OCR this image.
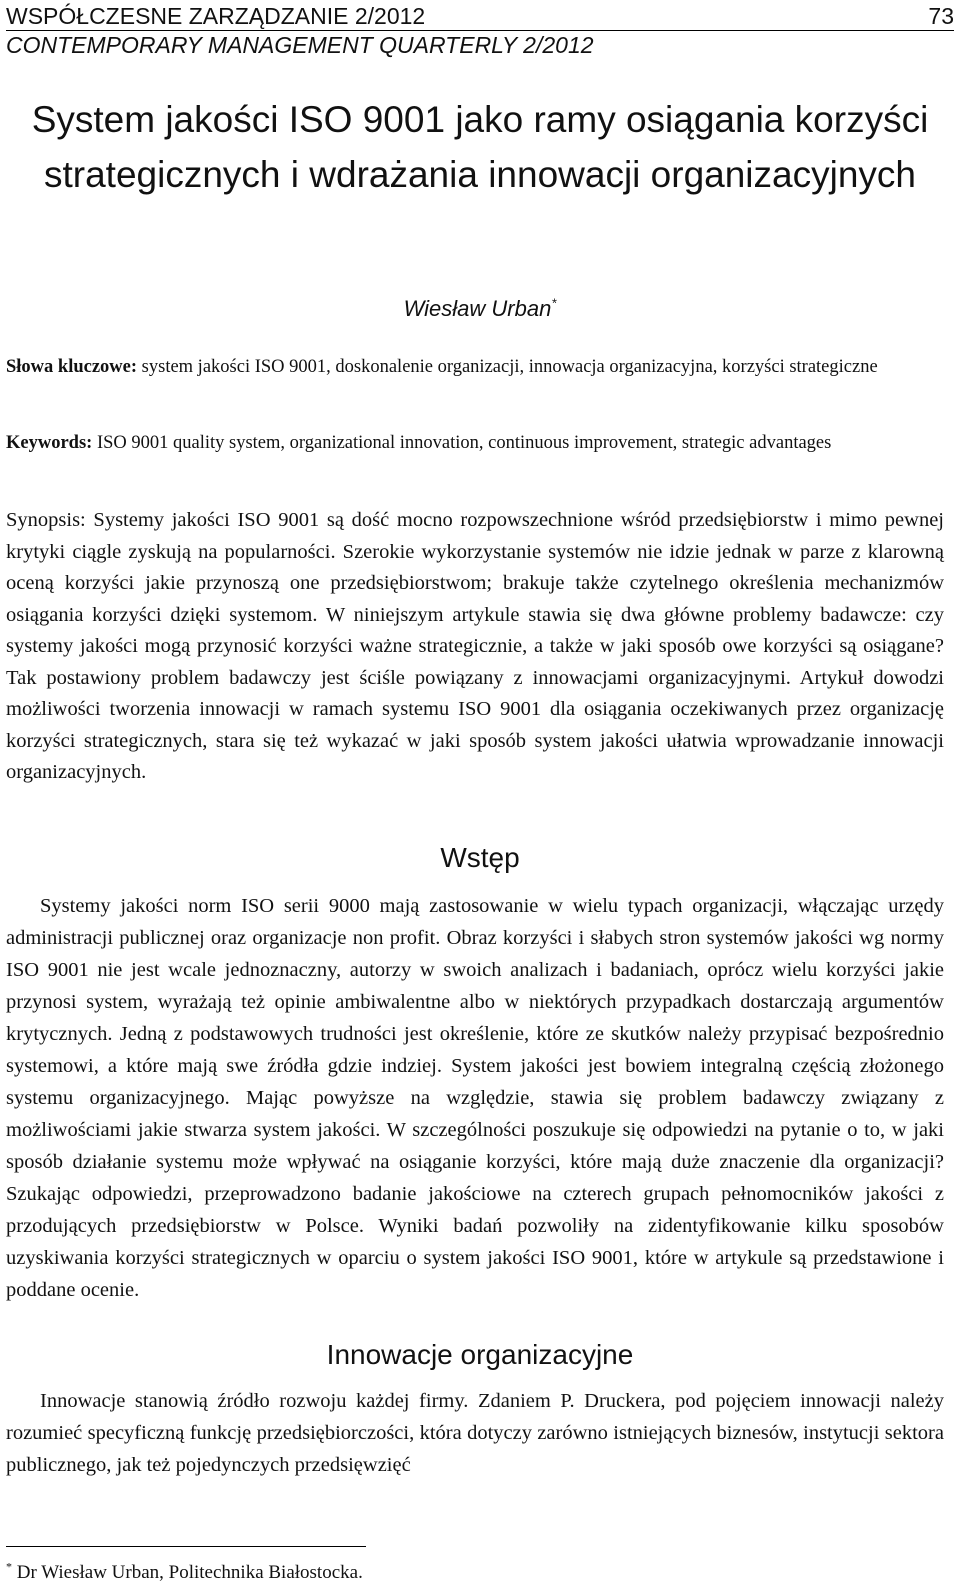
WSPÓŁCZESNE ZARZĄDZANIE 2/2012	73
CONTEMPORARY MANAGEMENT QUARTERLY 2/2012
System jakości ISO 9001 jako ramy osiągania korzyści strategicznych i wdrażania innowacji organizacyjnych
Wiesław Urban*
Słowa kluczowe: system jakości ISO 9001, doskonalenie organizacji, innowacja organizacyjna, korzyści strategiczne
Keywords: ISO 9001 quality system, organizational innovation, continuous improvement, strategic advantages
Synopsis: Systemy jakości ISO 9001 są dość mocno rozpowszechnione wśród przedsiębiorstw i mimo pewnej krytyki ciągle zyskują na popularności. Szerokie wykorzystanie systemów nie idzie jednak w parze z klarowną oceną korzyści jakie przynoszą one przedsiębiorstwom; brakuje także czytelnego określenia mechanizmów osiągania korzyści dzięki systemom. W niniejszym artykule stawia się dwa główne problemy badawcze: czy systemy jakości mogą przynosić korzyści ważne strategicznie, a także w jaki sposób owe korzyści są osiągane? Tak postawiony problem badawczy jest ściśle powiązany z innowacjami organizacyjnymi. Artykuł dowodzi możliwości tworzenia innowacji w ramach systemu ISO 9001 dla osiągania oczekiwanych przez organizację korzyści strategicznych, stara się też wykazać w jaki sposób system jakości ułatwia wprowadzanie innowacji organizacyjnych.
Wstęp
Systemy jakości norm ISO serii 9000 mają zastosowanie w wielu typach organizacji, włączając urzędy administracji publicznej oraz organizacje non profit. Obraz korzyści i słabych stron systemów jakości wg normy ISO 9001 nie jest wcale jednoznaczny, autorzy w swoich analizach i badaniach, oprócz wielu korzyści jakie przynosi system, wyrażają też opinie ambiwalentne albo w niektórych przypadkach dostarczają argumentów krytycznych. Jedną z podstawowych trudności jest określenie, które ze skutków należy przypisać bezpośrednio systemowi, a które mają swe źródła gdzie indziej. System jakości jest bowiem integralną częścią złożonego systemu organizacyjnego. Mając powyższe na względzie, stawia się problem badawczy związany z możliwościami jakie stwarza system jakości. W szczególności poszukuje się odpowiedzi na pytanie o to, w jaki sposób działanie systemu może wpływać na osiąganie korzyści, które mają duże znaczenie dla organizacji? Szukając odpowiedzi, przeprowadzono badanie jakościowe na czterech grupach pełnomocników jakości z przodujących przedsiębiorstw w Polsce. Wyniki badań pozwoliły na zidentyfikowanie kilku sposobów uzyskiwania korzyści strategicznych w oparciu o system jakości ISO 9001, które w artykule są przedstawione i poddane ocenie.
Innowacje organizacyjne
Innowacje stanowią źródło rozwoju każdej firmy. Zdaniem P. Druckera, pod pojęciem innowacji należy rozumieć specyficzną funkcję przedsiębiorczości, która dotyczy zarówno istniejących biznesów, instytucji sektora publicznego, jak też pojedynczych przedsięwzięć
* Dr Wiesław Urban, Politechnika Białostocka.
